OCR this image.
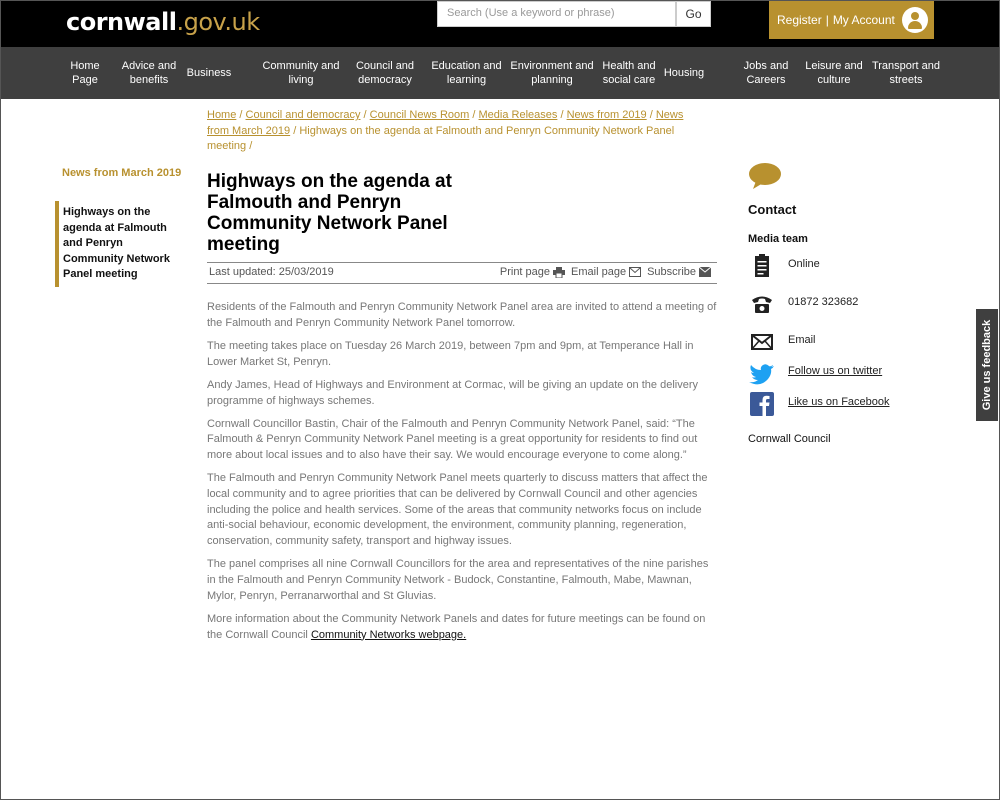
cornwall.gov.uk	Search (Use a keyword or phrase)	Go	Register | My Account
Home
Page
Advice and
benefits
Business
Community and
living
Council and
democracy
Education and
learning
Environment and
planning
Health and
social care
Housing
Jobs and
Careers
Leisure and
culture
Transport and
streets
Home / Council and democracy / Council News Room / Media Releases / News from 2019 / News
from March 2019 / Highways on the agenda at Falmouth and Penryn Community Network Panel meeting /
News from March 2019
Highways on the agenda at Falmouth and Penryn Community Network Panel meeting
Highways on the agenda at Falmouth and Penryn Community Network Panel meeting
Last updated: 25/03/2019	Print page Email page Subscribe

Residents of the Falmouth and Penryn Community Network Panel area are invited to attend a meeting of the Falmouth and Penryn Community Network Panel tomorrow.

The meeting takes place on Tuesday 26 March 2019, between 7pm and 9pm, at Temperance Hall in Lower Market St, Penryn.

Andy James, Head of Highways and Environment at Cormac, will be giving an update on the delivery programme of highways schemes.

Cornwall Councillor Bastin, Chair of the Falmouth and Penryn Community Network Panel, said: “The Falmouth & Penryn Community Network Panel meeting is a great opportunity for residents to find out more about local issues and to also have their say. We would encourage everyone to come along.”

The Falmouth and Penryn Community Network Panel meets quarterly to discuss matters that affect the local community and to agree priorities that can be delivered by Cornwall Council and other agencies including the police and health services. Some of the areas that community networks focus on include anti-social behaviour, economic development, the environment, community planning, regeneration, conservation, community safety, transport and highway issues.

The panel comprises all nine Cornwall Councillors for the area and representatives of the nine parishes in the Falmouth and Penryn Community Network - Budock, Constantine, Falmouth, Mabe, Mawnan, Mylor, Penryn, Perranarworthal and St Gluvias.

More information about the Community Network Panels and dates for future meetings can be found on the Cornwall Council Community Networks webpage.

Contact
Media team
Online
01872 323682
Email
Follow us on twitter
Like us on Facebook
Cornwall Council
Give us feedback
